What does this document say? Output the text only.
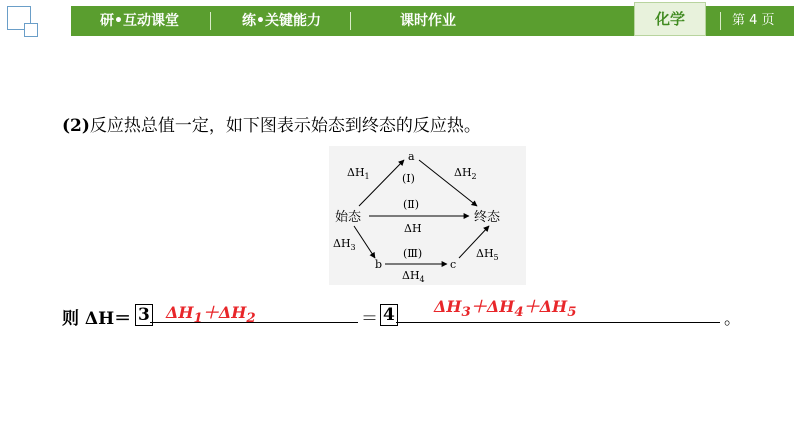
研•互动课堂	练•关键能力	课时作业	化学	第 4 页
(2)反应热总值一定，如下图表示始态到终态的反应热。
a
始态	终态
b	c
$\Delta H_1$	$\Delta H_2$
(Ⅰ)
(Ⅱ)
ΔH
$\Delta H_3$	(Ⅲ)
$\Delta H_4$
$\Delta H_5$
则 ΔH＝ 3 $\Delta H_1+\Delta H_2$	＝ 4 $\Delta H_3+\Delta H_4+\Delta H_5$	。
